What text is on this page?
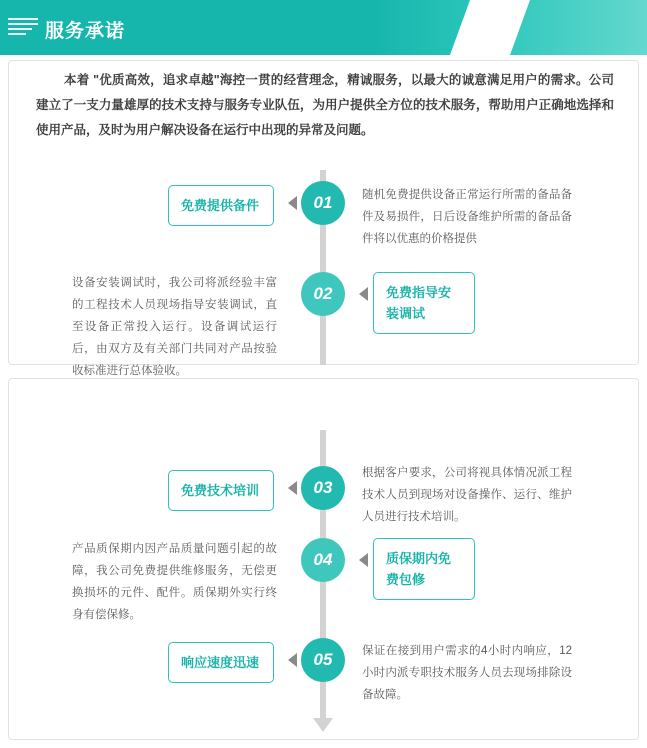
服务承诺
本着 "优质高效，追求卓越"海控一贯的经营理念，精诚服务，以最大的诚意满足用户的需求。公司建立了一支力量雄厚的技术支持与服务专业队伍，为用户提供全方位的技术服务，帮助用户正确地选择和使用产品，及时为用户解决设备在运行中出现的异常及问题。
01
免费提供备件
随机免费提供设备正常运行所需的备品备件及易损件，日后设备维护所需的备品备件将以优惠的价格提供
02	免费指导安装调试
设备安装调试时，我公司将派经验丰富的工程技术人员现场指导安装调试，直至设备正常投入运行。设备调试运行后，由双方及有关部门共同对产品按验收标准进行总体验收。
03
免费技术培训
根据客户要求，公司将视具体情况派工程技术人员到现场对设备操作、运行、维护人员进行技术培训。
04	质保期内免费包修
产品质保期内因产品质量问题引起的故障，我公司免费提供维修服务，无偿更换损坏的元件、配件。质保期外实行终身有偿保修。
05
响应速度迅速
保证在接到用户需求的4小时内响应，12小时内派专职技术服务人员去现场排除设备故障。
